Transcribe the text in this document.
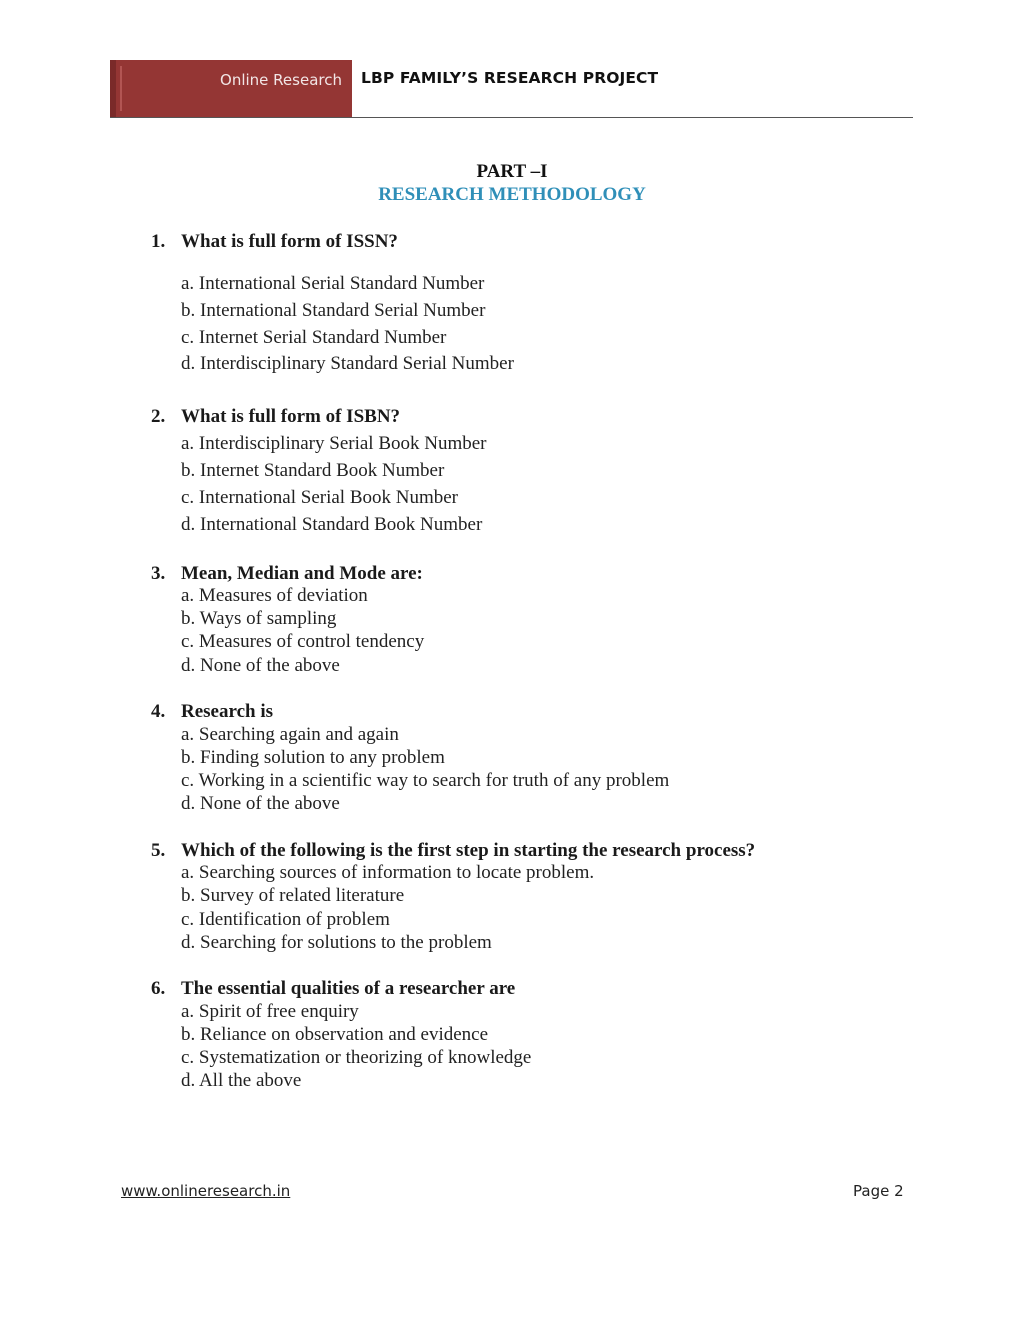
Online Research LBP FAMILY’S RESEARCH PROJECT
PART –I
RESEARCH METHODOLOGY
1. What is full form of ISSN?
a. International Serial Standard Number
b. International Standard Serial Number
c. Internet Serial Standard Number
d. Interdisciplinary Standard Serial Number
2. What is full form of ISBN?
a. Interdisciplinary Serial Book Number
b. Internet Standard Book Number
c. International Serial Book Number
d. International Standard Book Number
3. Mean, Median and Mode are:
a. Measures of deviation
b. Ways of sampling
c. Measures of control tendency
d. None of the above
4. Research is
a. Searching again and again
b. Finding solution to any problem
c. Working in a scientific way to search for truth of any problem
d. None of the above
5. Which of the following is the first step in starting the research process?
a. Searching sources of information to locate problem.
b. Survey of related literature
c. Identification of problem
d. Searching for solutions to the problem
6. The essential qualities of a researcher are
a. Spirit of free enquiry
b. Reliance on observation and evidence
c. Systematization or theorizing of knowledge
d. All the above
www.onlineresearch.in	Page 2
